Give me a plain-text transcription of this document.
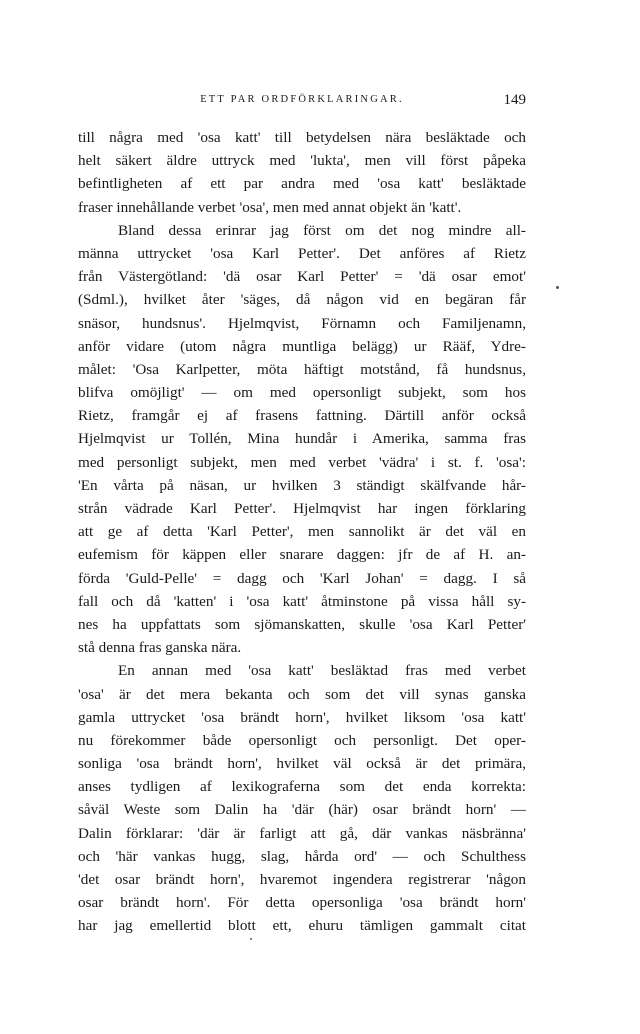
ETT PAR ORDFÖRKLARINGAR.	149
till några med 'osa katt' till betydelsen nära besläktade och
helt säkert äldre uttryck med 'lukta', men vill först påpeka
befintligheten af ett par andra med 'osa katt' besläktade
fraser innehållande verbet 'osa', men med annat objekt än 'katt'.
Bland dessa erinrar jag först om det nog mindre all-
männa uttrycket 'osa Karl Petter'. Det anföres af Rietz
från Västergötland: 'dä osar Karl Petter' = 'dä osar emot'
(Sdml.), hvilket åter 'säges, då någon vid en begäran får
snäsor, hundsnus'. Hjelmqvist, Förnamn och Familjenamn,
anför vidare (utom några muntliga belägg) ur Rääf, Ydre-
målet: 'Osa Karlpetter, möta häftigt motstånd, få hundsnus,
blifva omöjligt' — om med opersonligt subjekt, som hos
Rietz, framgår ej af frasens fattning. Därtill anför också
Hjelmqvist ur Tollén, Mina hundår i Amerika, samma fras
med personligt subjekt, men med verbet 'vädra' i st. f. 'osa':
'En vårta på näsan, ur hvilken 3 ständigt skälfvande hår-
strån vädrade Karl Petter'. Hjelmqvist har ingen förklaring
att ge af detta 'Karl Petter', men sannolikt är det väl en
eufemism för käppen eller snarare daggen: jfr de af H. an-
förda 'Guld-Pelle' = dagg och 'Karl Johan' = dagg. I så
fall och då 'katten' i 'osa katt' åtminstone på vissa håll sy-
nes ha uppfattats som sjömanskatten, skulle 'osa Karl Petter'
stå denna fras ganska nära.
En annan med 'osa katt' besläktad fras med verbet
'osa' är det mera bekanta och som det vill synas ganska
gamla uttrycket 'osa brändt horn', hvilket liksom 'osa katt'
nu förekommer både opersonligt och personligt. Det oper-
sonliga 'osa brändt horn', hvilket väl också är det primära,
anses tydligen af lexikograferna som det enda korrekta:
såväl Weste som Dalin ha 'där (här) osar brändt horn' —
Dalin förklarar: 'där är farligt att gå, där vankas näsbränna'
och 'här vankas hugg, slag, hårda ord' — och Schulthess
'det osar brändt horn', hvaremot ingendera registrerar 'någon
osar brändt horn'. För detta opersonliga 'osa brändt horn'
har jag emellertid blott ett, ehuru tämligen gammalt citat
